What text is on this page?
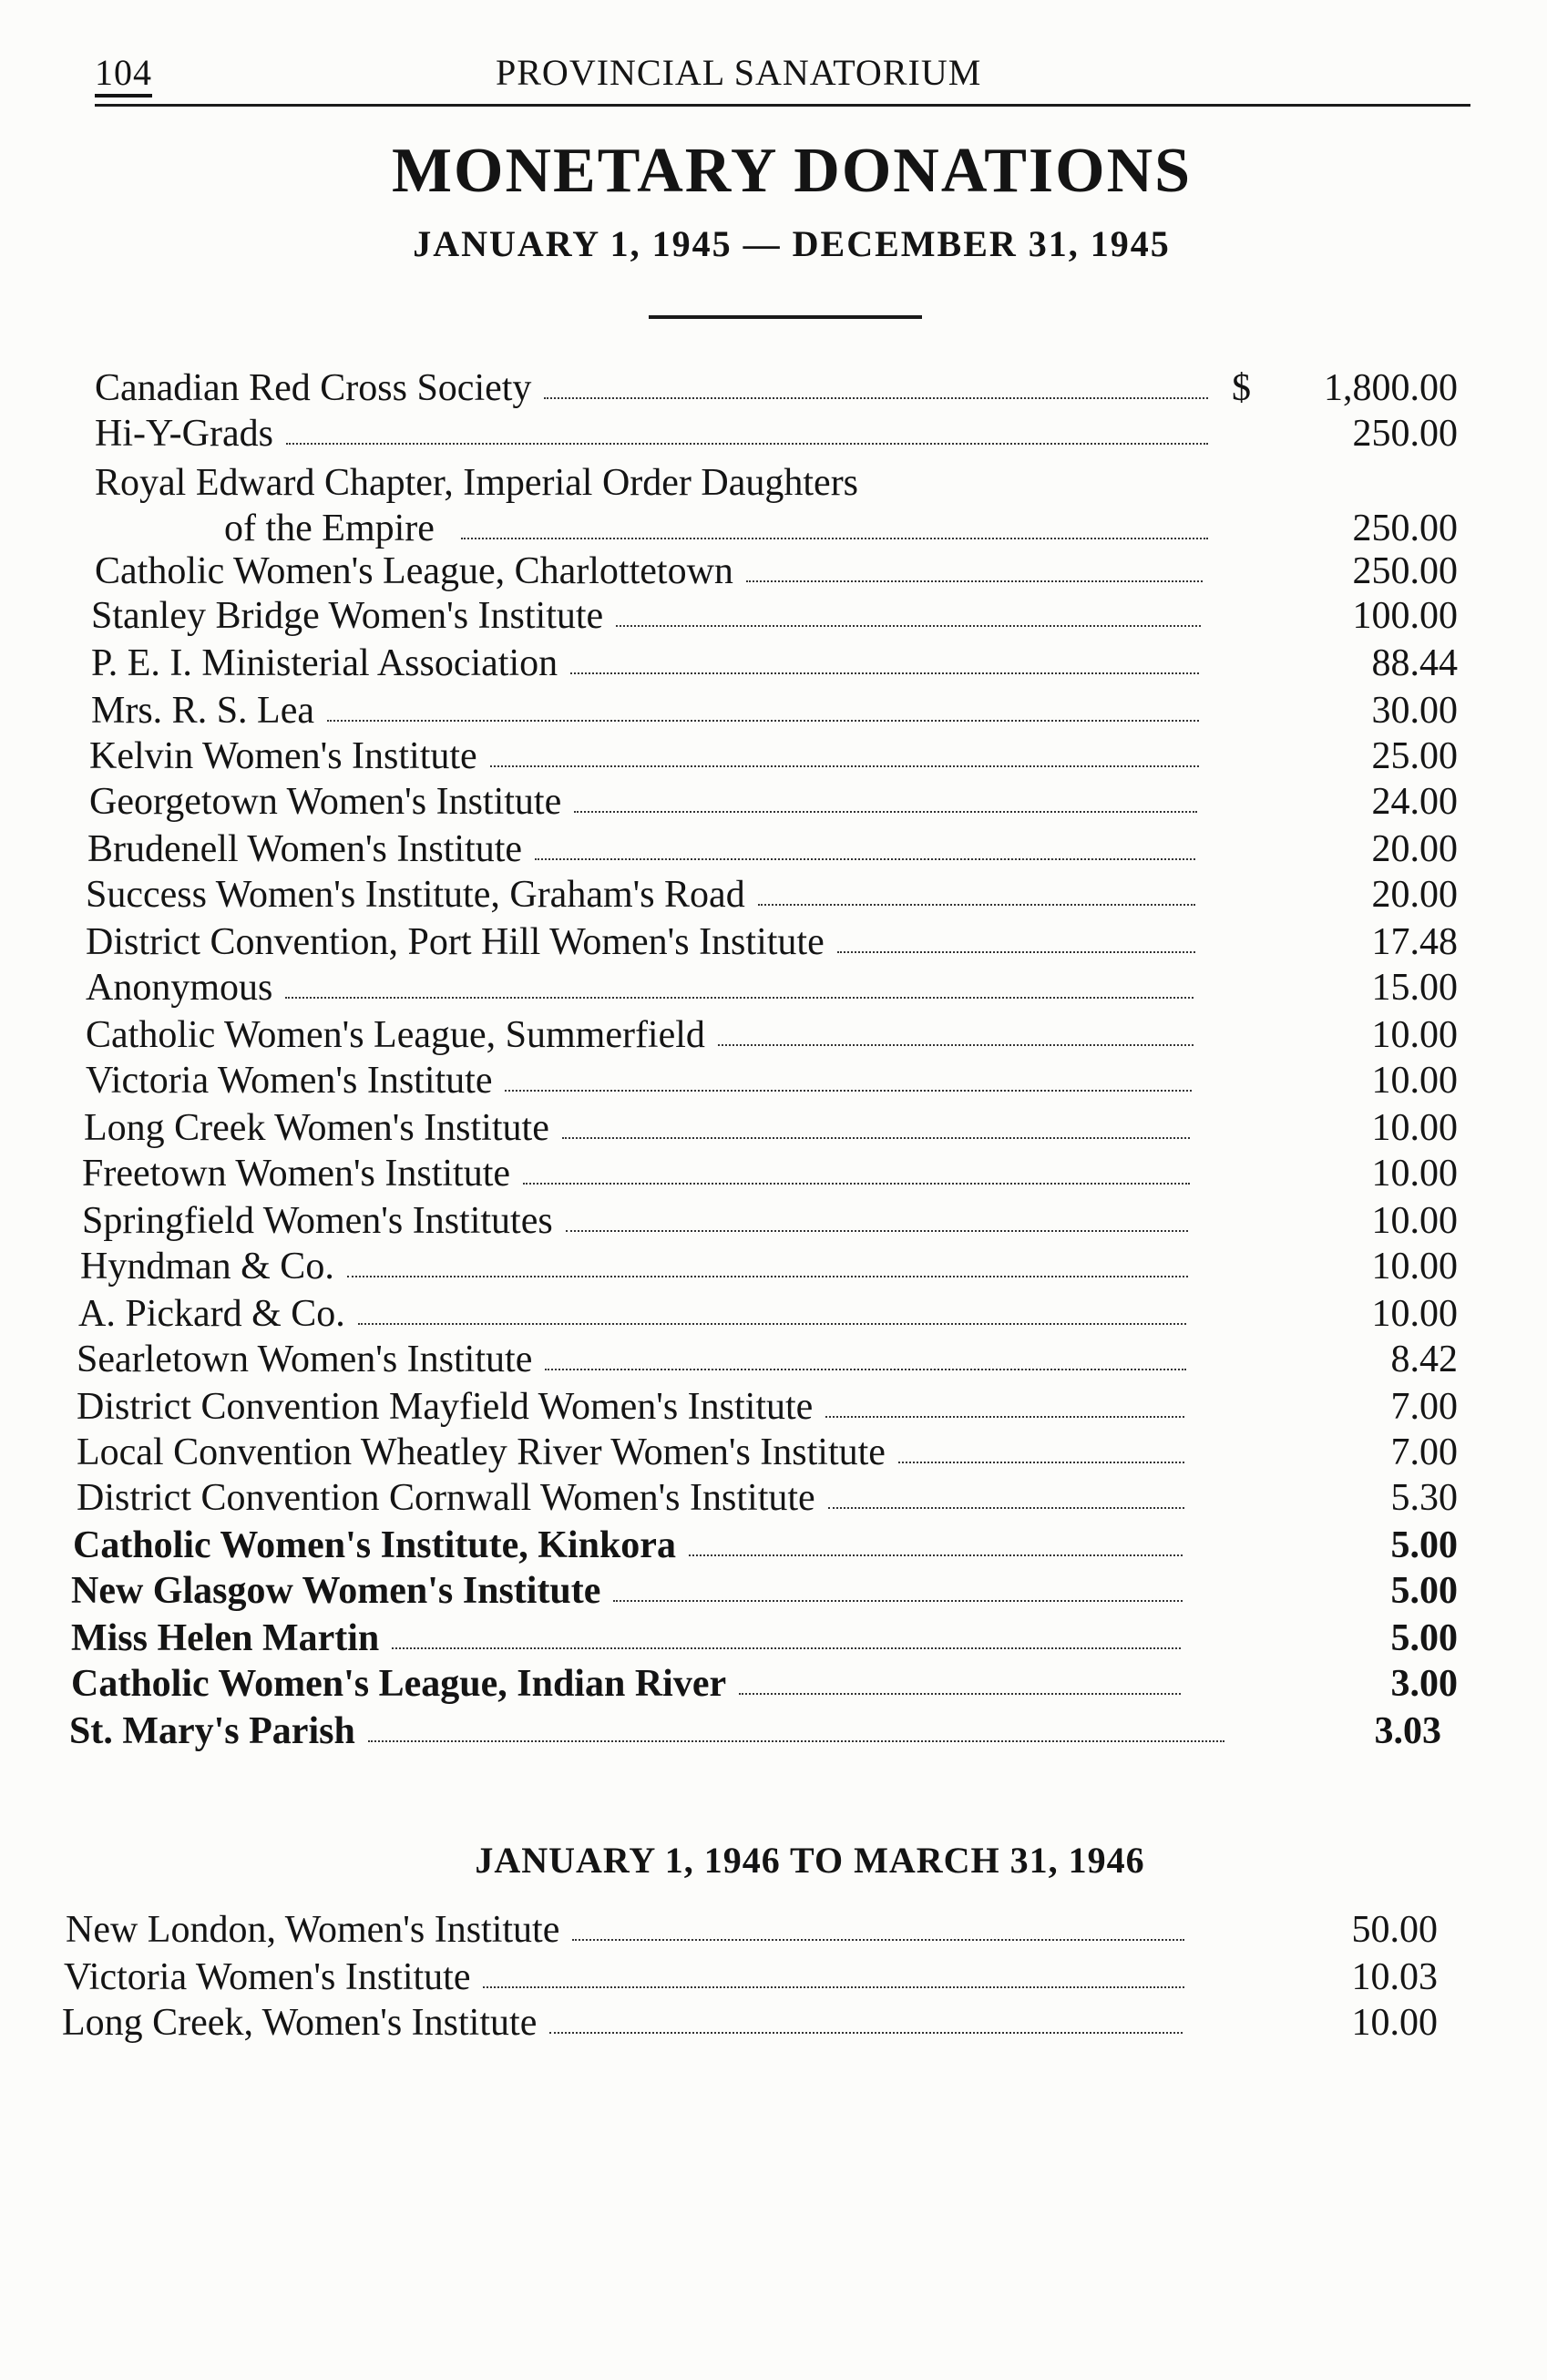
104	PROVINCIAL SANATORIUM
MONETARY DONATIONS
JANUARY 1, 1945 — DECEMBER 31, 1945
Canadian Red Cross Society	$	1,800.00
Hi-Y-Grads	250.00
Royal Edward Chapter, Imperial Order Daughters
of the Empire	250.00
Catholic Women's League, Charlottetown	250.00
Stanley Bridge Women's Institute	100.00
P. E. I. Ministerial Association	88.44
Mrs. R. S. Lea	30.00
Kelvin Women's Institute	25.00
Georgetown Women's Institute	24.00
Brudenell Women's Institute	20.00
Success Women's Institute, Graham's Road	20.00
District Convention, Port Hill Women's Institute	17.48
Anonymous	15.00
Catholic Women's League, Summerfield	10.00
Victoria Women's Institute	10.00
Long Creek Women's Institute	10.00
Freetown Women's Institute	10.00
Springfield Women's Institutes	10.00
Hyndman & Co.	10.00
A. Pickard & Co.	10.00
Searletown Women's Institute	8.42
District Convention Mayfield Women's Institute	7.00
Local Convention Wheatley River Women's Institute	7.00
District Convention Cornwall Women's Institute	5.30
Catholic Women's Institute, Kinkora	5.00
New Glasgow Women's Institute	5.00
Miss Helen Martin	5.00
Catholic Women's League, Indian River	3.00
St. Mary's Parish	3.03
JANUARY 1, 1946 TO MARCH 31, 1946
New London, Women's Institute	50.00
Victoria Women's Institute	10.03
Long Creek, Women's Institute	10.00
